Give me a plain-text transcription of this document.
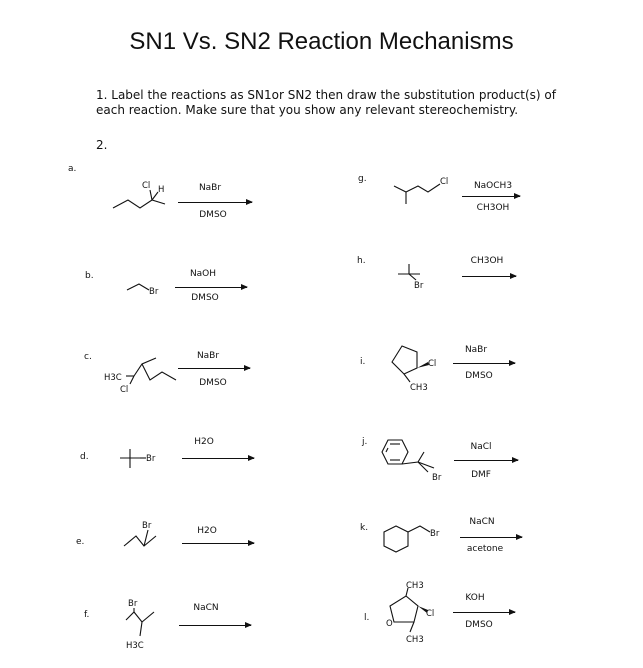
SN1 Vs. SN2 Reaction Mechanisms
1. Label the reactions as SN1or SN2 then draw the substitution product(s) of each reaction. Make sure that you show any relevant stereochemistry.
2.
a.
Cl H	NaBr
DMSO
b.
Br
NaOH
DMSO
c.
H3C
Cl
NaBr
DMSO
d.	Br
H2O
e.
Br	H2O
f.
Br
H3C
NaCN
g.	Cl	NaOCH3
CH3OH
h.
Br
CH3OH
i.	Cl
CH3
NaBr
DMSO
j.
Br
NaCl
DMF
k.
Br
NaCN
acetone
l.
CH3
Cl
O
CH3
KOH
DMSO
